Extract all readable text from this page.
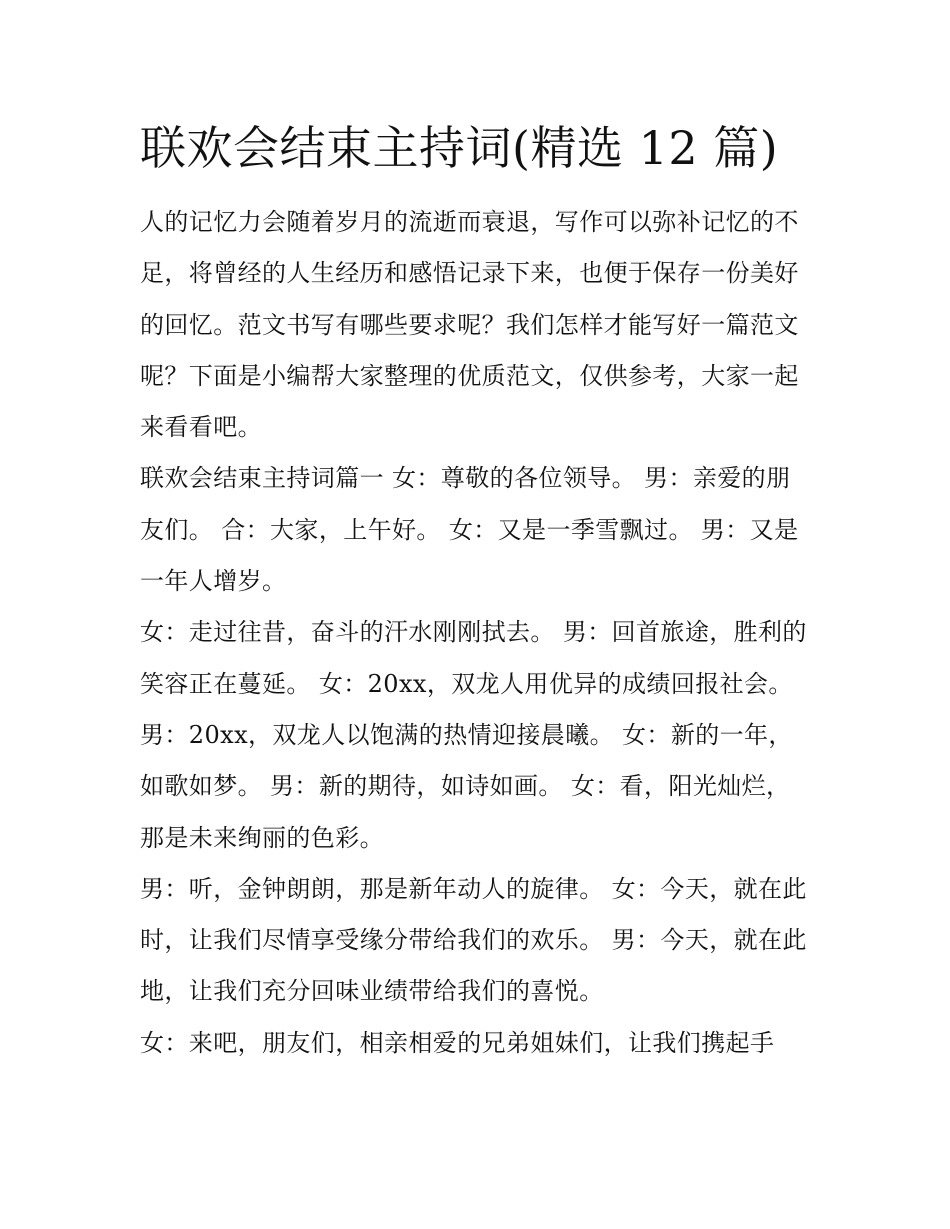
联欢会结束主持词(精选 12 篇)

人的记忆力会随着岁月的流逝而衰退，写作可以弥补记忆的不足，将曾经的人生经历和感悟记录下来，也便于保存一份美好的回忆。范文书写有哪些要求呢？我们怎样才能写好一篇范文呢？下面是小编帮大家整理的优质范文，仅供参考，大家一起来看看吧。

联欢会结束主持词篇一 女：尊敬的各位领导。 男：亲爱的朋友们。 合：大家，上午好。 女：又是一季雪飘过。 男：又是一年人增岁。

女：走过往昔，奋斗的汗水刚刚拭去。 男：回首旅途，胜利的笑容正在蔓延。 女：20xx，双龙人用优异的成绩回报社会。

男：20xx，双龙人以饱满的热情迎接晨曦。 女：新的一年，如歌如梦。 男：新的期待，如诗如画。 女：看，阳光灿烂，那是未来绚丽的色彩。

男：听，金钟朗朗，那是新年动人的旋律。 女：今天，就在此时，让我们尽情享受缘分带给我们的欢乐。 男：今天，就在此地，让我们充分回味业绩带给我们的喜悦。

女：来吧，朋友们，相亲相爱的兄弟姐妹们，让我们携起手
